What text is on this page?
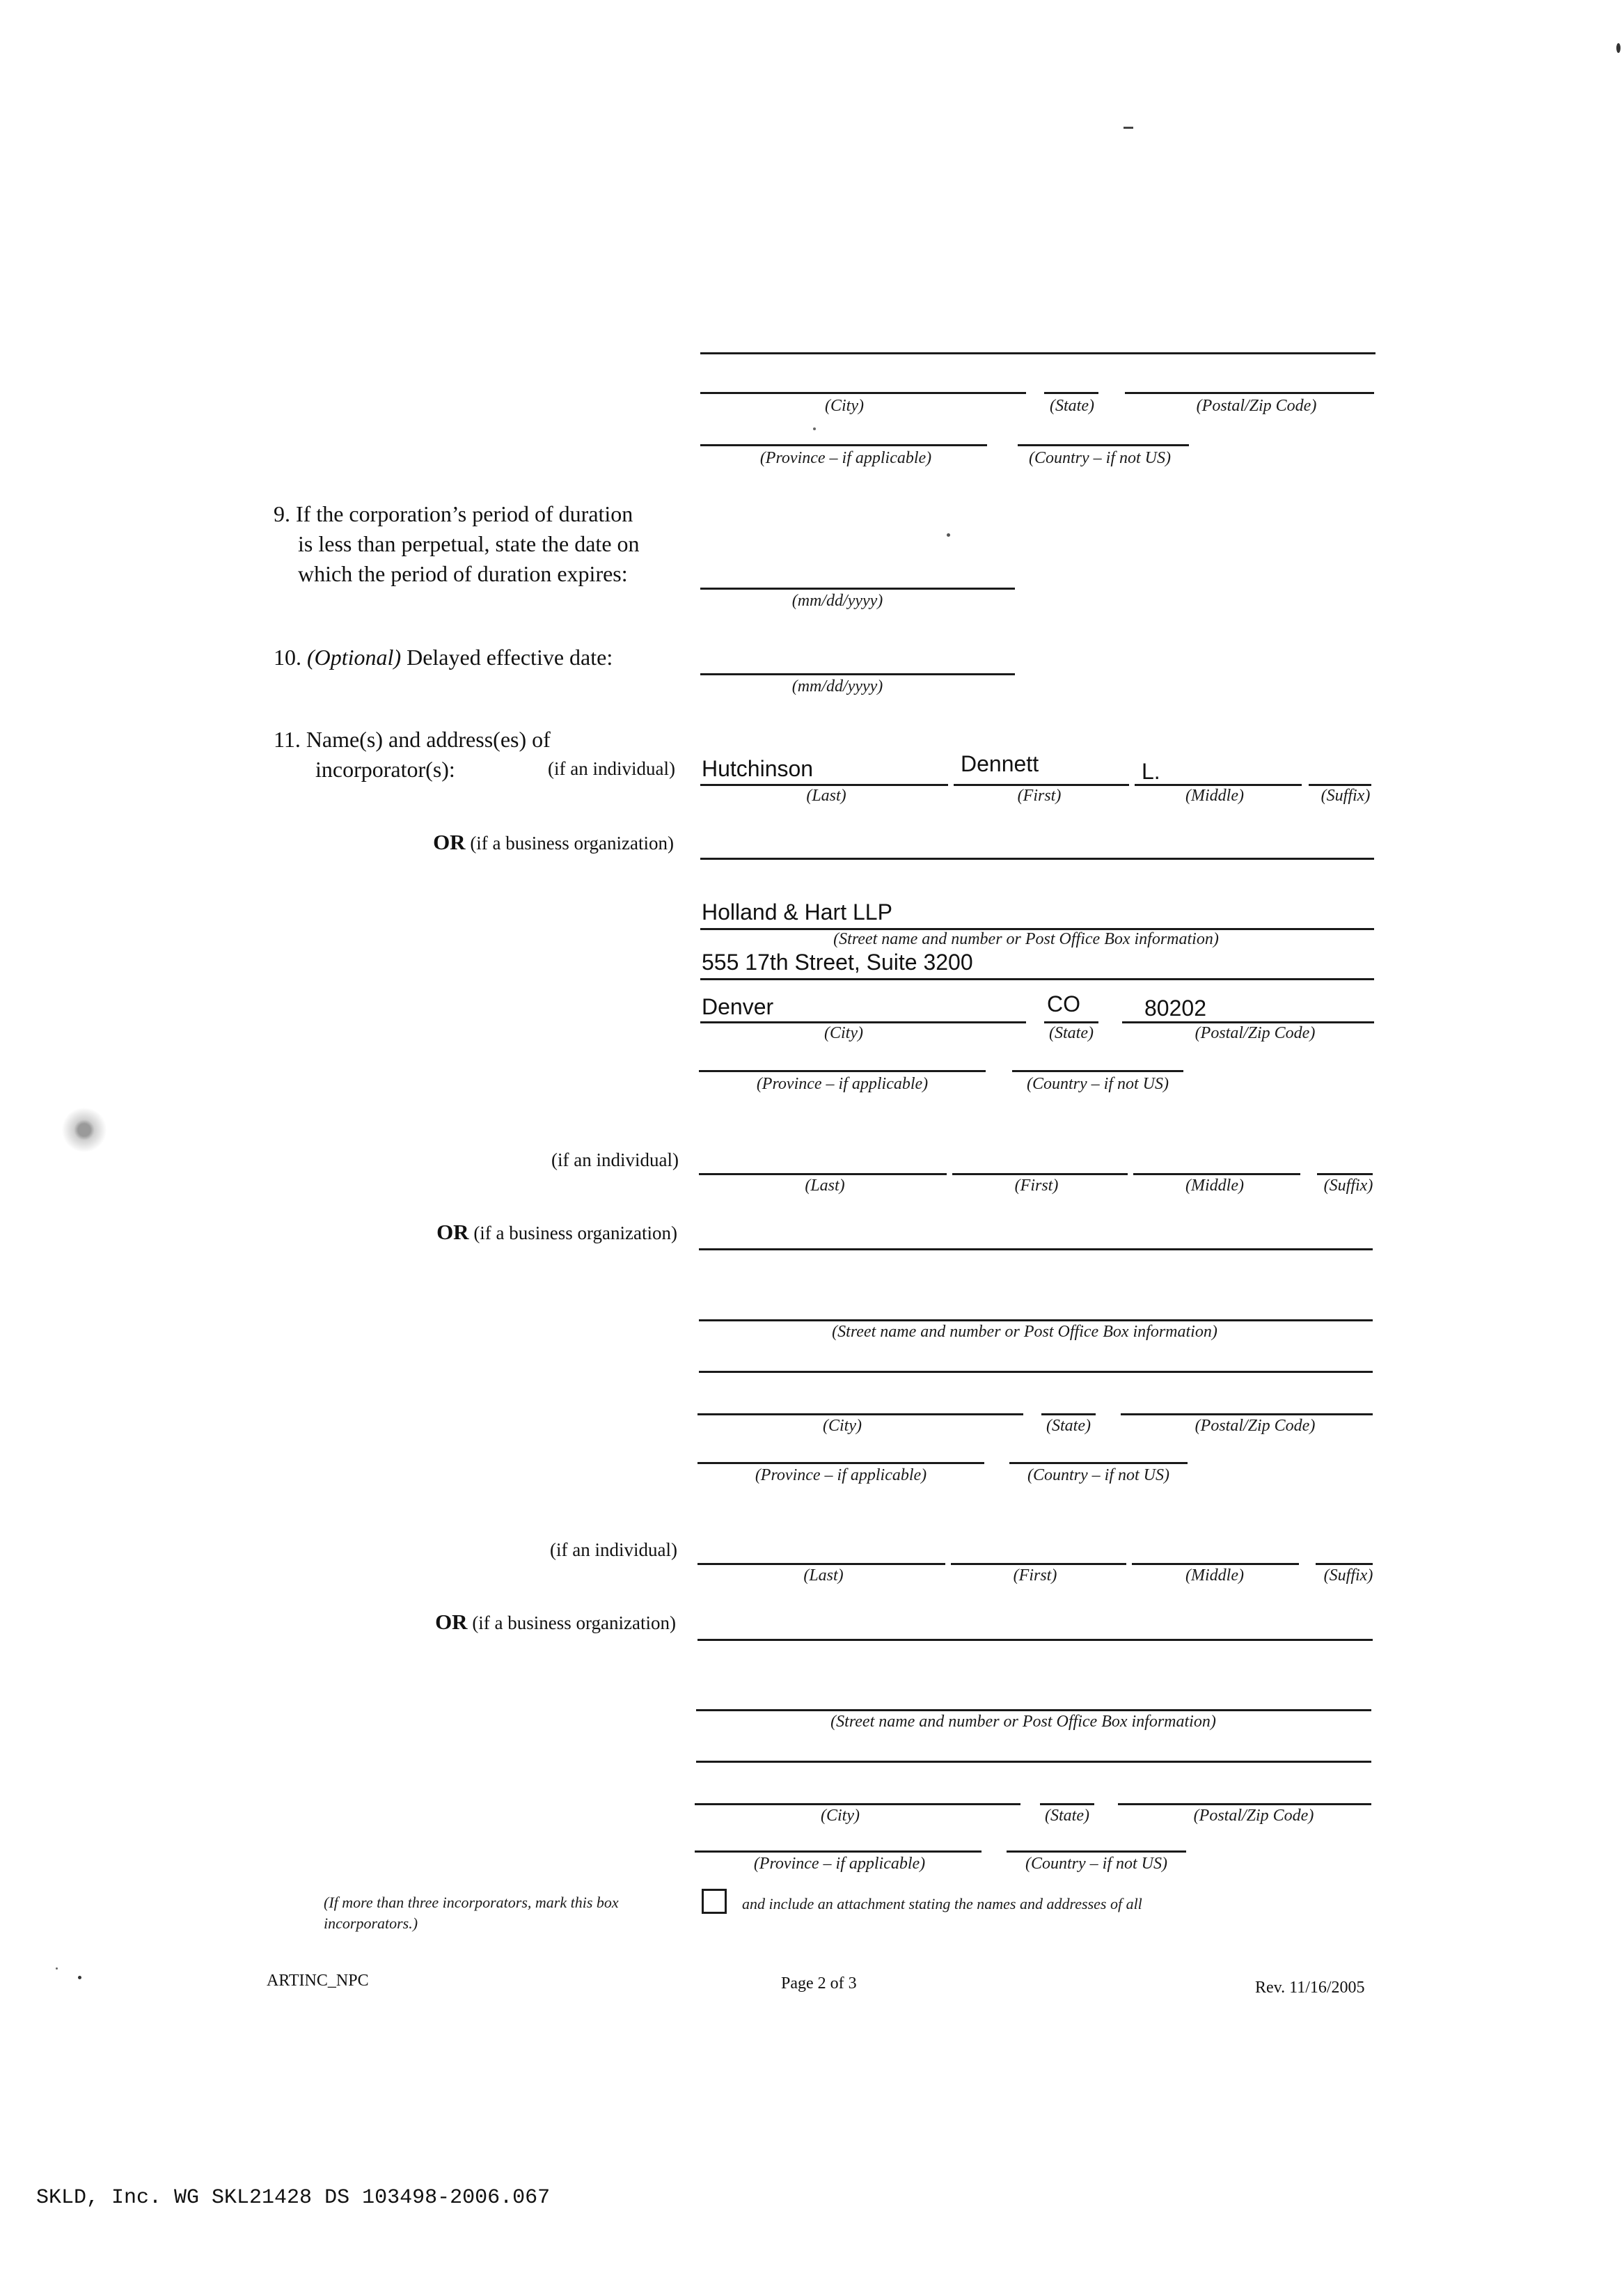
(City)	(State)	(Postal/Zip Code)
(Province – if applicable)	(Country – if not US)
9. If the corporation’s period of duration
is less than perpetual, state the date on
which the period of duration expires:
(mm/dd/yyyy)
10. (Optional) Delayed effective date:
(mm/dd/yyyy)
11. Name(s) and address(es) of
incorporator(s):	(if an individual) Hutchinson	Dennett	L.
(Last)	(First)	(Middle)	(Suffix)
OR (if a business organization)
Holland & Hart LLP
(Street name and number or Post Office Box information)
555 17th Street, Suite 3200
Denver	CO	80202
(City)	(State)	(Postal/Zip Code)
(Province – if applicable)	(Country – if not US)
(if an individual)
(Last)	(First)	(Middle)	(Suffix)
OR (if a business organization)
(Street name and number or Post Office Box information)
(City)	(State)	(Postal/Zip Code)
(Province – if applicable)	(Country – if not US)
(if an individual)
(Last)	(First)	(Middle)	(Suffix)
OR (if a business organization)
(Street name and number or Post Office Box information)
(City)	(State)	(Postal/Zip Code)
(Province – if applicable)	(Country – if not US)
(If more than three incorporators, mark this box
incorporators.)
and include an attachment stating the names and addresses of all
ARTINC_NPC	Page 2 of 3	Rev. 11/16/2005
SKLD, Inc. WG SKL21428 DS 103498-2006.067
